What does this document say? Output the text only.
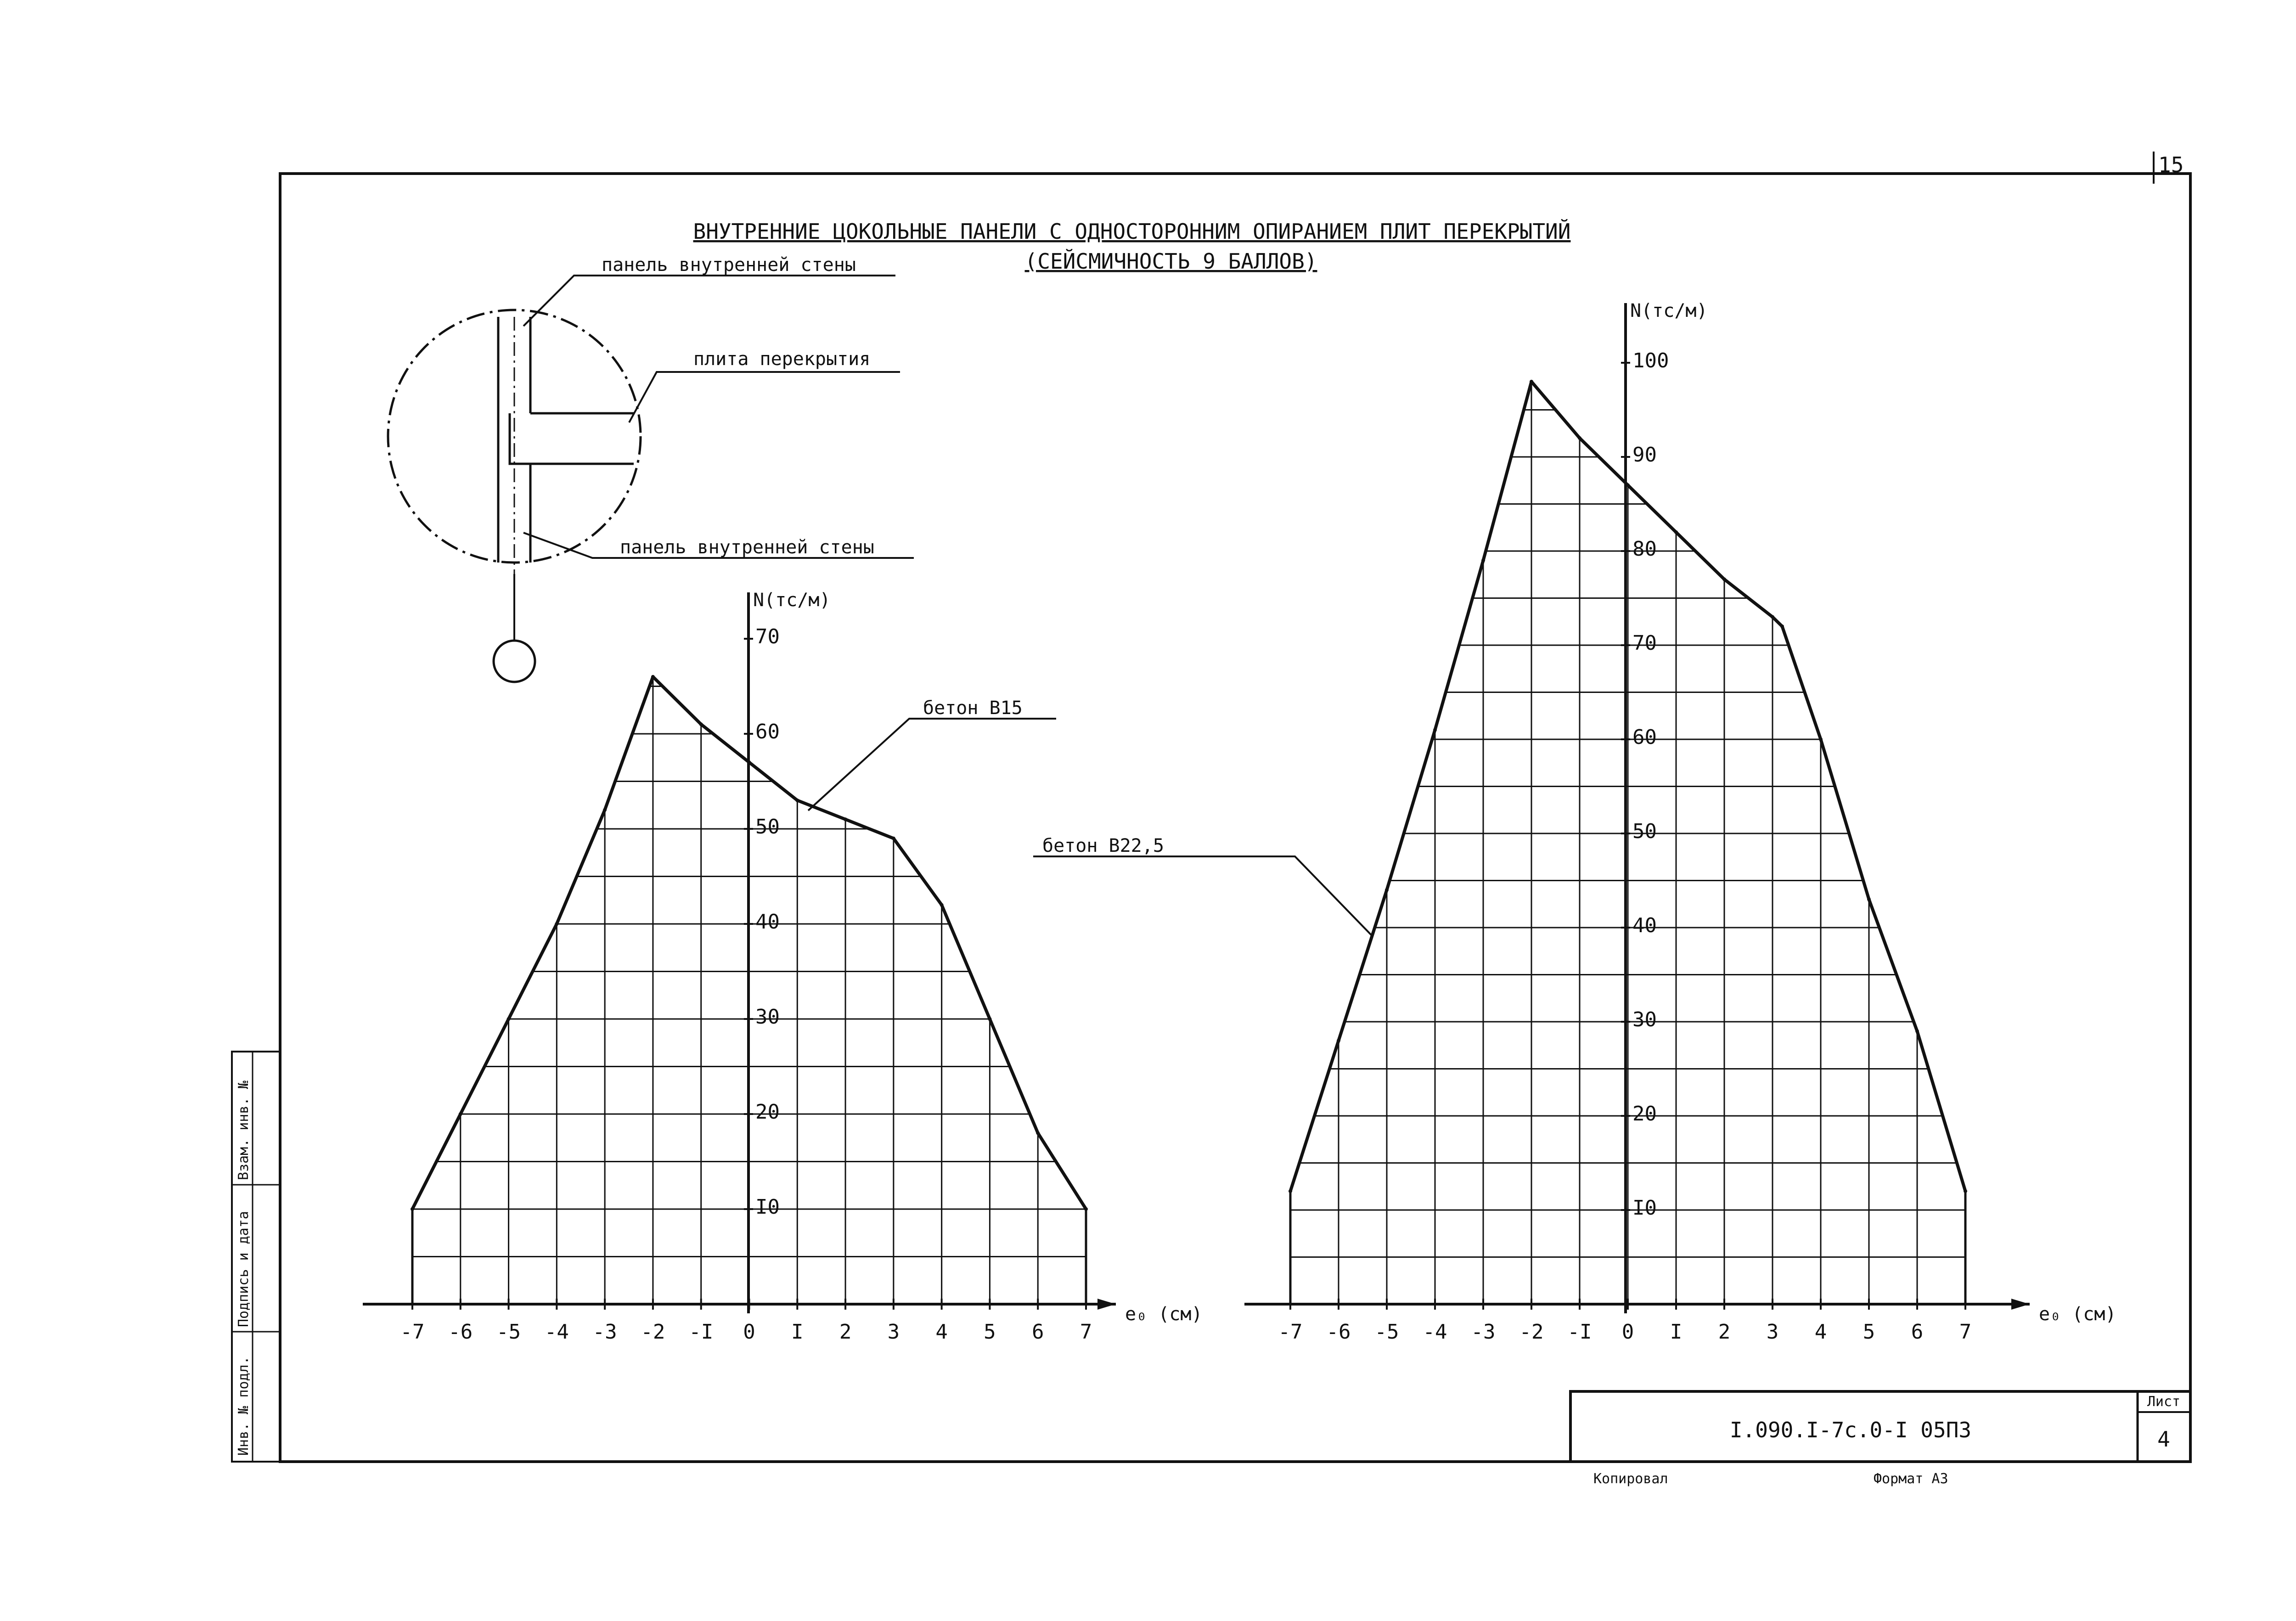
15
Инв. № подл.
Подпись и дата
Взам. инв. №
ВНУТРЕННИЕ ЦОКОЛЬНЫЕ ПАНЕЛИ С ОДНОСТОРОННИМ ОПИРАНИЕМ ПЛИТ ПЕРЕКРЫТИЙ
(СЕЙСМИЧНОСТЬ 9 БАЛЛОВ)
панель внутренней стены
плита перекрытия
панель внутренней стены
-7 -6 -5 -4 -3 -2 -I 0 I 2 3 4 5 6 7
I0
20
30
40
50
60
70
N(тс/м)
e₀ (см)
бетон B15
-7 -6 -5 -4 -3 -2 -I 0 I 2 3 4 5 6 7
I0
20
30
40
50
60
70
80
90
100
N(тс/м)
e₀ (см)
бетон B22,5
I.090.I-7с.0-I 05ПЗ
Лист
4
Копировал	Формат А3
